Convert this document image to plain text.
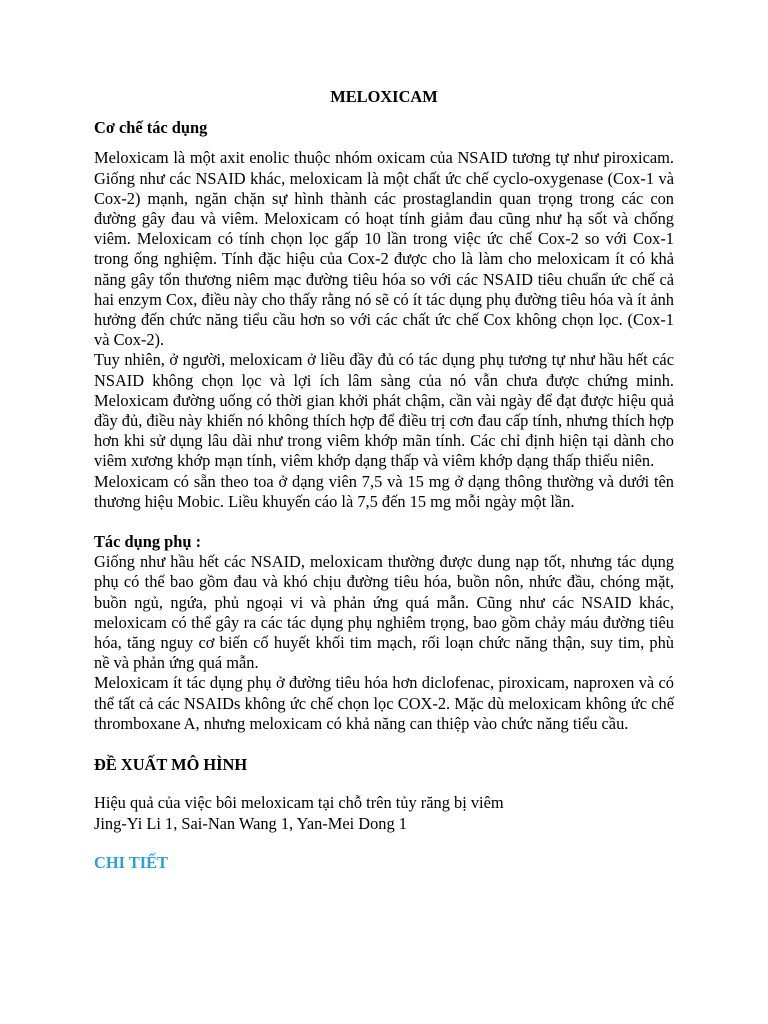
MELOXICAM

Cơ chế tác dụng

Meloxicam là một axit enolic thuộc nhóm oxicam của NSAID tương tự như piroxicam. Giống như các NSAID khác, meloxicam là một chất ức chế cyclo-oxygenase (Cox-1 và Cox-2) mạnh, ngăn chặn sự hình thành các prostaglandin quan trọng trong các con đường gây đau và viêm. Meloxicam có hoạt tính giảm đau cũng như hạ sốt và chống viêm. Meloxicam có tính chọn lọc gấp 10 lần trong việc ức chế Cox-2 so với Cox-1 trong ống nghiệm. Tính đặc hiệu của Cox-2 được cho là làm cho meloxicam ít có khả năng gây tổn thương niêm mạc đường tiêu hóa so với các NSAID tiêu chuẩn ức chế cả hai enzym Cox, điều này cho thấy rằng nó sẽ có ít tác dụng phụ đường tiêu hóa và ít ảnh hưởng đến chức năng tiểu cầu hơn so với các chất ức chế Cox không chọn lọc. (Cox-1 và Cox-2).

Tuy nhiên, ở người, meloxicam ở liều đầy đủ có tác dụng phụ tương tự như hầu hết các NSAID không chọn lọc và lợi ích lâm sàng của nó vẫn chưa được chứng minh. Meloxicam đường uống có thời gian khởi phát chậm, cần vài ngày để đạt được hiệu quả đầy đủ, điều này khiến nó không thích hợp để điều trị cơn đau cấp tính, nhưng thích hợp hơn khi sử dụng lâu dài như trong viêm khớp mãn tính. Các chỉ định hiện tại dành cho viêm xương khớp mạn tính, viêm khớp dạng thấp và viêm khớp dạng thấp thiếu niên.

Meloxicam có sẵn theo toa ở dạng viên 7,5 và 15 mg ở dạng thông thường và dưới tên thương hiệu Mobic. Liều khuyến cáo là 7,5 đến 15 mg mỗi ngày một lần.

Tác dụng phụ :

Giống như hầu hết các NSAID, meloxicam thường được dung nạp tốt, nhưng tác dụng phụ có thể bao gồm đau và khó chịu đường tiêu hóa, buồn nôn, nhức đầu, chóng mặt, buồn ngủ, ngứa, phủ ngoại vi và phản ứng quá mẫn. Cũng như các NSAID khác, meloxicam có thể gây ra các tác dụng phụ nghiêm trọng, bao gồm chảy máu đường tiêu hóa, tăng nguy cơ biến cố huyết khối tim mạch, rối loạn chức năng thận, suy tim, phù nề và phản ứng quá mẫn.

Meloxicam ít tác dụng phụ ở đường tiêu hóa hơn diclofenac, piroxicam, naproxen và có thể tất cả các NSAIDs không ức chế chọn lọc COX-2. Mặc dù meloxicam không ức chế thromboxane A, nhưng meloxicam có khả năng can thiệp vào chức năng tiểu cầu.

ĐỀ XUẤT MÔ HÌNH

Hiệu quả của việc bôi meloxicam tại chỗ trên tủy răng bị viêm

Jing-Yi Li 1, Sai-Nan Wang 1, Yan-Mei Dong 1

CHI TIẾT
